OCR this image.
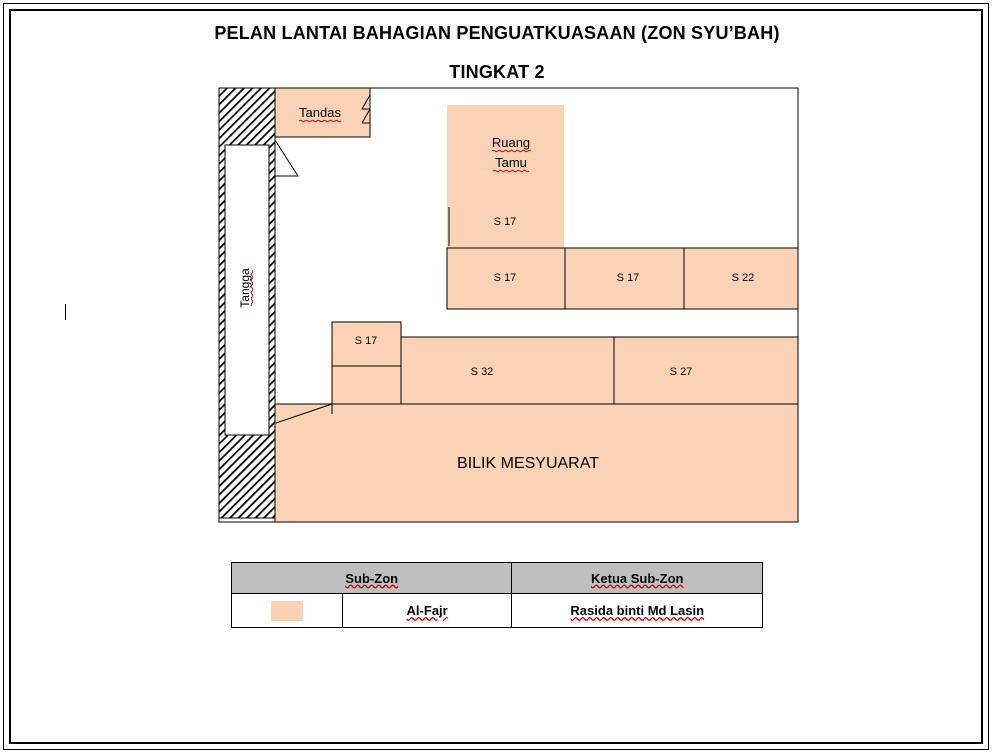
PELAN LANTAI BAHAGIAN PENGUATKUASAAN (ZON SYU’BAH)
TINGKAT 2
Tandas
Ruang
Tamu
S 17
Tangga	S 17	S 17	S 22
S 17
S 32	S 27
BILIK MESYUARAT
Sub-Zon		Ketua Sub-Zon
	Al-Fajr	Rasida binti Md Lasin
